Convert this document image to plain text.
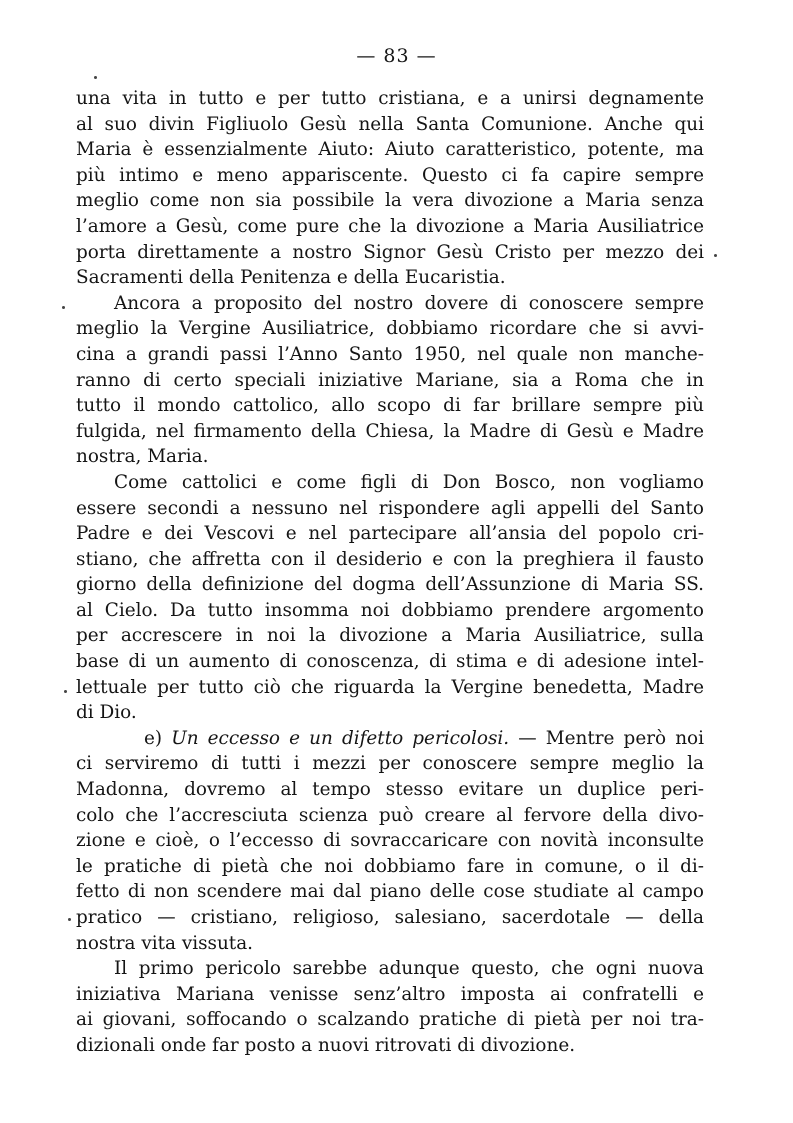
— 83 —
una vita in tutto e per tutto cristiana, e a unirsi degnamente
al suo divin Figliuolo Gesù nella Santa Comunione. Anche qui
Maria è essenzialmente Aiuto: Aiuto caratteristico, potente, ma
più intimo e meno appariscente. Questo ci fa capire sempre
meglio come non sia possibile la vera divozione a Maria senza
l’amore a Gesù, come pure che la divozione a Maria Ausiliatrice
porta direttamente a nostro Signor Gesù Cristo per mezzo dei
Sacramenti della Penitenza e della Eucaristia.
Ancora a proposito del nostro dovere di conoscere sempre
meglio la Vergine Ausiliatrice, dobbiamo ricordare che si avvi-
cina a grandi passi l’Anno Santo 1950, nel quale non manche-
ranno di certo speciali iniziative Mariane, sia a Roma che in
tutto il mondo cattolico, allo scopo di far brillare sempre più
fulgida, nel firmamento della Chiesa, la Madre di Gesù e Madre
nostra, Maria.
Come cattolici e come figli di Don Bosco, non vogliamo
essere secondi a nessuno nel rispondere agli appelli del Santo
Padre e dei Vescovi e nel partecipare all’ansia del popolo cri-
stiano, che affretta con il desiderio e con la preghiera il fausto
giorno della definizione del dogma dell’Assunzione di Maria SS.
al Cielo. Da tutto insomma noi dobbiamo prendere argomento
per accrescere in noi la divozione a Maria Ausiliatrice, sulla
base di un aumento di conoscenza, di stima e di adesione intel-
lettuale per tutto ciò che riguarda la Vergine benedetta, Madre
di Dio.
e) Un eccesso e un difetto pericolosi. — Mentre però noi
ci serviremo di tutti i mezzi per conoscere sempre meglio la
Madonna, dovremo al tempo stesso evitare un duplice peri-
colo che l’accresciuta scienza può creare al fervore della divo-
zione e cioè, o l’eccesso di sovraccaricare con novità inconsulte
le pratiche di pietà che noi dobbiamo fare in comune, o il di-
fetto di non scendere mai dal piano delle cose studiate al campo
pratico — cristiano, religioso, salesiano, sacerdotale — della
nostra vita vissuta.
Il primo pericolo sarebbe adunque questo, che ogni nuova
iniziativa Mariana venisse senz’altro imposta ai confratelli e
ai giovani, soffocando o scalzando pratiche di pietà per noi tra-
dizionali onde far posto a nuovi ritrovati di divozione.
